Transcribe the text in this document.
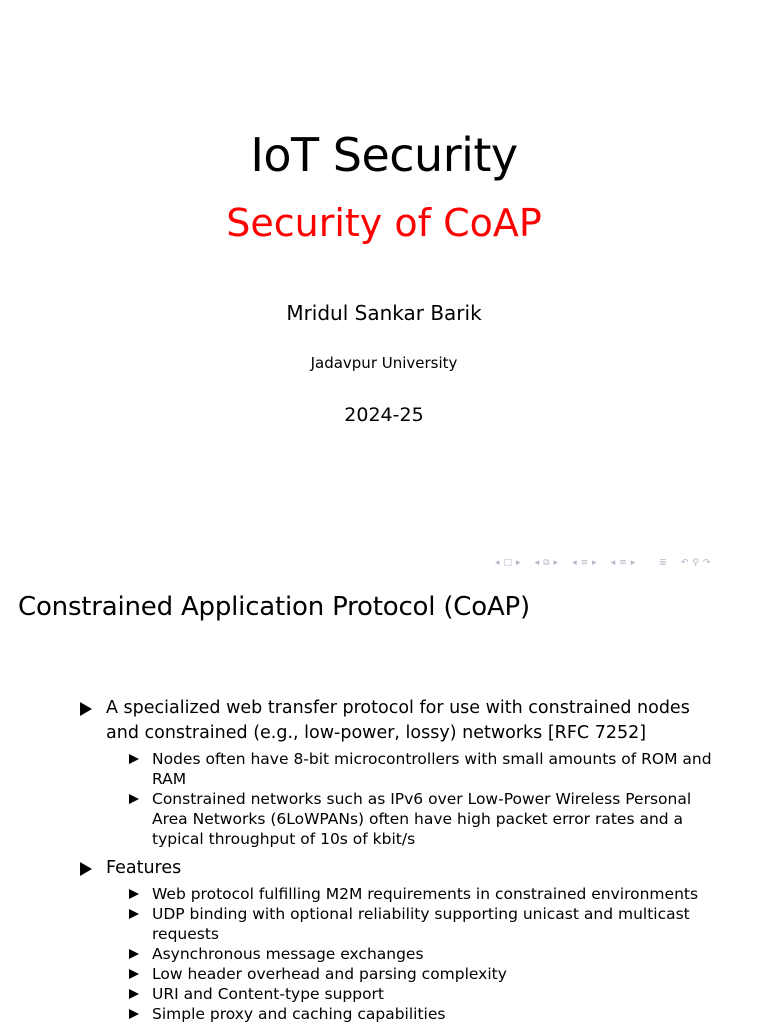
IoT Security
Security of CoAP
Mridul Sankar Barik
Jadavpur University
2024-25
◂ □ ▸ ◂ ⧉ ▸ ◂ ≡ ▸ ◂ ≡ ▸	≣ ↶ ⚲ ↷
Constrained Application Protocol (CoAP)
A specialized web transfer protocol for use with constrained nodes and constrained (e.g., low-power, lossy) networks [RFC 7252]
Nodes often have 8-bit microcontrollers with small amounts of ROM and RAM
Constrained networks such as IPv6 over Low-Power Wireless Personal Area Networks (6LoWPANs) often have high packet error rates and a typical throughput of 10s of kbit/s
Features
Web protocol fulfilling M2M requirements in constrained environments
UDP binding with optional reliability supporting unicast and multicast requests
Asynchronous message exchanges
Low header overhead and parsing complexity
URI and Content-type support
Simple proxy and caching capabilities
